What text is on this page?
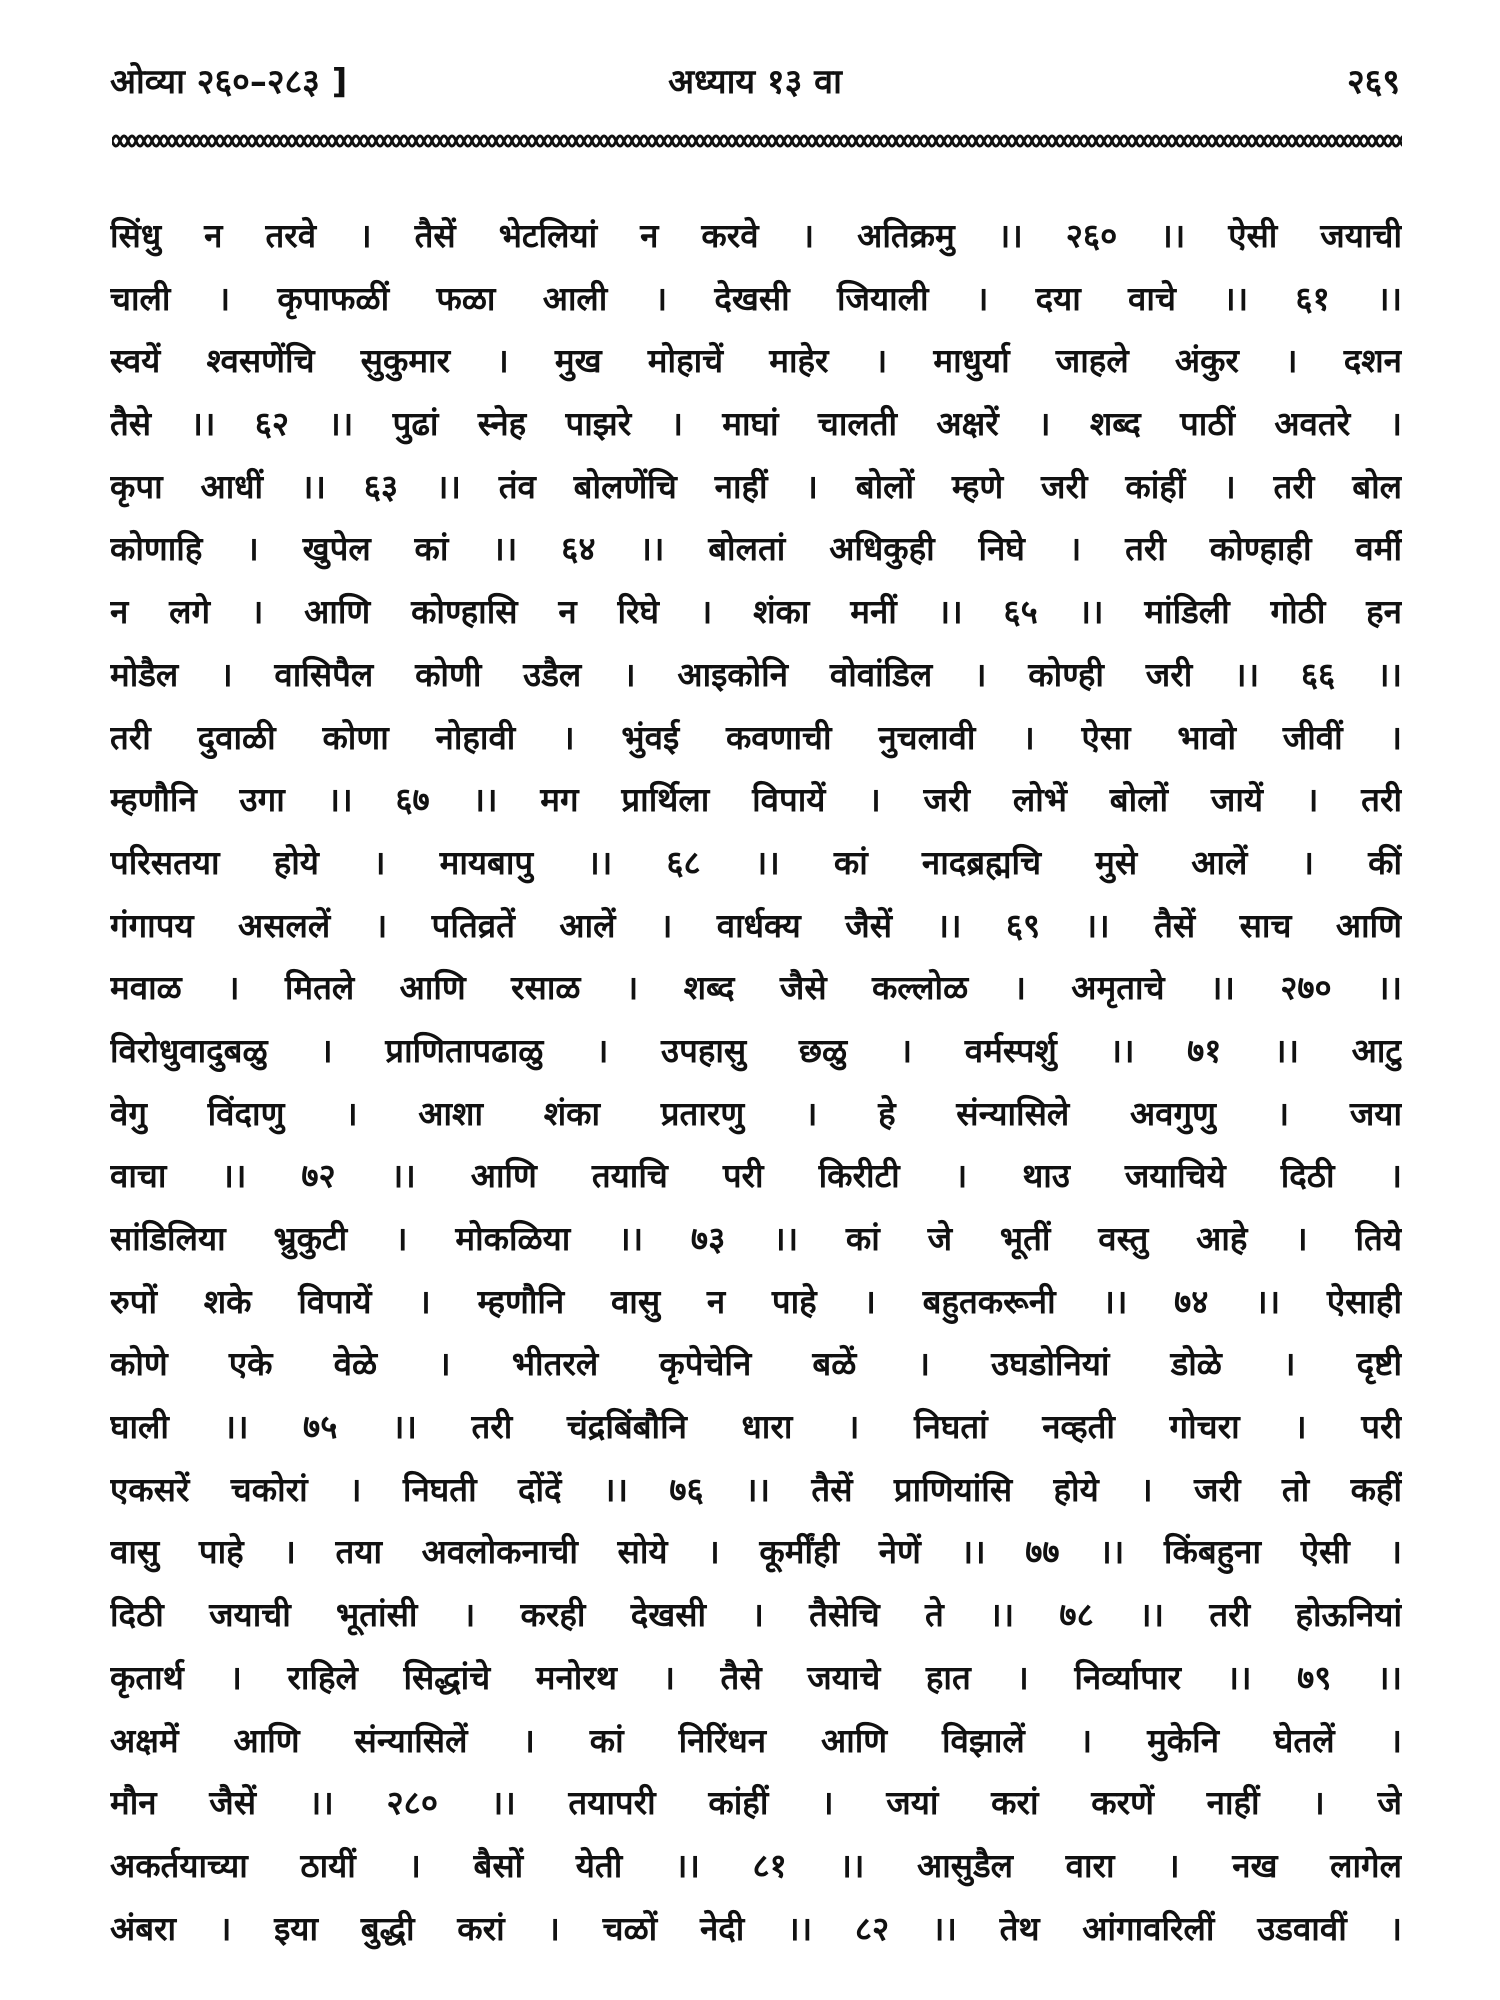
ओव्या २६०–२८३ ]	अध्याय १३ वा	२६९
सिंधु न तरवे । तैसें भेटलियां न करवे । अतिक्रमु ।। २६० ।। ऐसी जयाची
चाली । कृपाफळीं फळा आली । देखसी जियाली । दया वाचे ।। ६१ ।।
स्वयें श्वसणेंचि सुकुमार । मुख मोहाचें माहेर । माधुर्या जाहले अंकुर । दशन
तैसे ।। ६२ ।। पुढां स्नेह पाझरे । माघां चालती अक्षरें । शब्द पाठीं अवतरे ।
कृपा आधीं ।। ६३ ।। तंव बोलणेंचि नाहीं । बोलों म्हणे जरी कांहीं । तरी बोल
कोणाहि । खुपेल कां ।। ६४ ।। बोलतां अधिकुही निघे । तरी कोण्हाही वर्मी
न लगे । आणि कोण्हासि न रिघे । शंका मनीं ।। ६५ ।। मांडिली गोठी हन
मोडैल । वासिपैल कोणी उडैल । आइकोनि वोवांडिल । कोण्ही जरी ।। ६६ ।।
तरी दुवाळी कोणा नोहावी । भुंवई कवणाची नुचलावी । ऐसा भावो जीवीं ।
म्हणौनि उगा ।। ६७ ।। मग प्रार्थिला विपायें । जरी लोभें बोलों जायें । तरी
परिसतया होये । मायबापु ।। ६८ ।। कां नादब्रह्मचि मुसे आलें । कीं
गंगापय असललें । पतिव्रतें आलें । वार्धक्य जैसें ।। ६९ ।। तैसें साच आणि
मवाळ । मितले आणि रसाळ । शब्द जैसे कल्लोळ । अमृताचे ।। २७० ।।
विरोधुवादुबळु । प्राणितापढाळु । उपहासु छळु । वर्मस्पर्शु ।। ७१ ।। आटु
वेगु विंदाणु । आशा शंका प्रतारणु । हे संन्यासिले अवगुणु । जया
वाचा ।। ७२ ।। आणि तयाचि परी किरीटी । थाउ जयाचिये दिठी ।
सांडिलिया भ्रुकुटी । मोकळिया ।। ७३ ।। कां जे भूतीं वस्तु आहे । तिये
रुपों शके विपायें । म्हणौनि वासु न पाहे । बहुतकरूनी ।। ७४ ।। ऐसाही
कोणे एके वेळे । भीतरले कृपेचेनि बळें । उघडोनियां डोळे । दृष्टी
घाली ।। ७५ ।। तरी चंद्रबिंबौनि धारा । निघतां नव्हती गोचरा । परी
एकसरें चकोरां । निघती दोंदें ।। ७६ ।। तैसें प्राणियांसि होये । जरी तो कहीं
वासु पाहे । तया अवलोकनाची सोये । कूर्मींही नेणें ।। ७७ ।। किंबहुना ऐसी ।
दिठी जयाची भूतांसी । करही देखसी । तैसेचि ते ।। ७८ ।। तरी होऊनियां
कृतार्थ । राहिले सिद्धांचे मनोरथ । तैसे जयाचे हात । निर्व्यापार ।। ७९ ।।
अक्षमें आणि संन्यासिलें । कां निरिंधन आणि विझालें । मुकेनि घेतलें ।
मौन जैसें ।। २८० ।। तयापरी कांहीं । जयां करां करणें नाहीं । जे
अकर्तयाच्या ठायीं । बैसों येती ।। ८१ ।। आसुडैल वारा । नख लागेल
अंबरा । इया बुद्धी करां । चळों नेदी ।। ८२ ।। तेथ आंगावरिलीं उडवावीं ।
